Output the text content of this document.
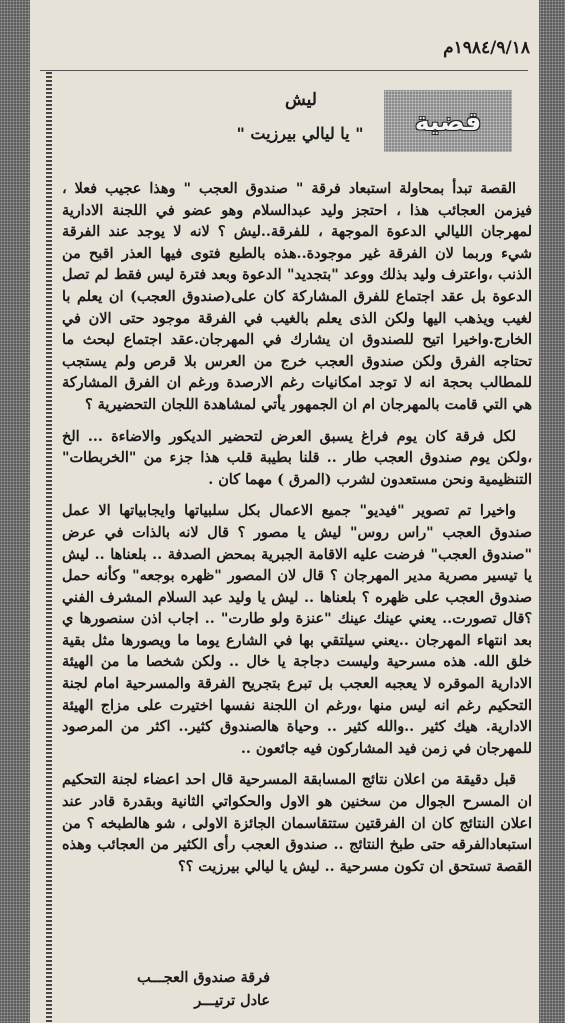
١٩٨٤/٩/١٨م
قضية
ليش
" يا ليالي بيرزيت "

القصة تبدأ بمحاولة استبعاد فرقة " صندوق العجب " وهذا عجيب فعلا ، فيزمن العجائب هذا ، احتجز وليد عبدالسلام وهو عضو في اللجنة الادارية لمهرجان الليالي الدعوة الموجهة ، للفرقة..ليش ؟ لانه لا يوجد عند الفرقة شيء وربما لان الفرقة غير موجودة..هذه بالطبع فتوى فيها العذر اقبح من الذنب ،واعترف وليد بذلك ووعد "بتجديد" الدعوة وبعد فترة ليس فقط لم تصل الدعوة بل عقد اجتماع للفرق المشاركة كان على(صندوق العجب) ان يعلم با لغيب ويذهب اليها ولكن الذى يعلم بالغيب في الفرقة موجود حتى الان في الخارج.واخيرا اتيح للصندوق ان يشارك في المهرجان.عقد اجتماع لبحث ما تحتاجه الفرق ولكن صندوق العجب خرج من العرس بلا قرص ولم يستجب للمطالب بحجة انه لا توجد امكانيات رغم الارصدة ورغم ان الفرق المشاركة هي التي قامت بالمهرجان ام ان الجمهور يأتي لمشاهدة اللجان التحضيرية ؟

لكل فرقة كان يوم فراغ يسبق العرض لتحضير الديكور والاضاءة ... الخ ،ولكن يوم صندوق العجب طار .. قلنا بطيبة قلب هذا جزء من "الخربطات" التنظيمية ونحن مستعدون لشرب (المرق ) مهما كان .

واخيرا تم تصوير "فيديو" جميع الاعمال بكل سلبياتها وايجابياتها الا عمل صندوق العجب "راس روس" ليش يا مصور ؟ قال لانه بالذات في عرض "صندوق العجب" فرضت عليه الاقامة الجبرية بمحض الصدفة .. بلعناها .. ليش يا تيسير مصرية مدير المهرجان ؟ قال لان المصور "ظهره بوجعه" وكأنه حمل صندوق العجب على ظهره ؟ بلعناها .. ليش يا وليد عبد السلام المشرف الفني ؟قال تصورت.. يعني عينك عينك "عنزة ولو طارت" .. اجاب اذن سنصورها ي بعد انتهاء المهرجان ..يعني سيلتقي بها في الشارع يوما ما ويصورها مثل بقية خلق الله. هذه مسرحية وليست دجاجة يا خال .. ولكن شخصا ما من الهيئة الادارية الموقره لا يعجبه العجب بل تبرع بتجريح الفرقة والمسرحية امام لجنة التحكيم رغم انه ليس منها ،ورغم ان اللجنة نفسها اختيرت على مزاج الهيئة الادارية. هيك كثير ..والله كثير .. وحياة هالصندوق كثير.. اكثر من المرصود للمهرجان في زمن فيد المشاركون فيه جائعون ..

قبل دقيقة من اعلان نتائج المسابقة المسرحية قال احد اعضاء لجنة التحكيم ان المسرح الجوال من سخنين هو الاول والحكواتي الثانية وبقدرة قادر عند اعلان النتائج كان ان الفرقتين ستتقاسمان الجائزة الاولى ، شو هالطبخه ؟ من استبعادالفرقه حتى طبخ النتائج .. صندوق العجب رأى الكثير من العجائب وهذه القصة تستحق ان تكون مسرحية .. ليش يا ليالي بيرزيت ؟؟

فرقة صندوق العجـــب
عادل ترتيـــر
